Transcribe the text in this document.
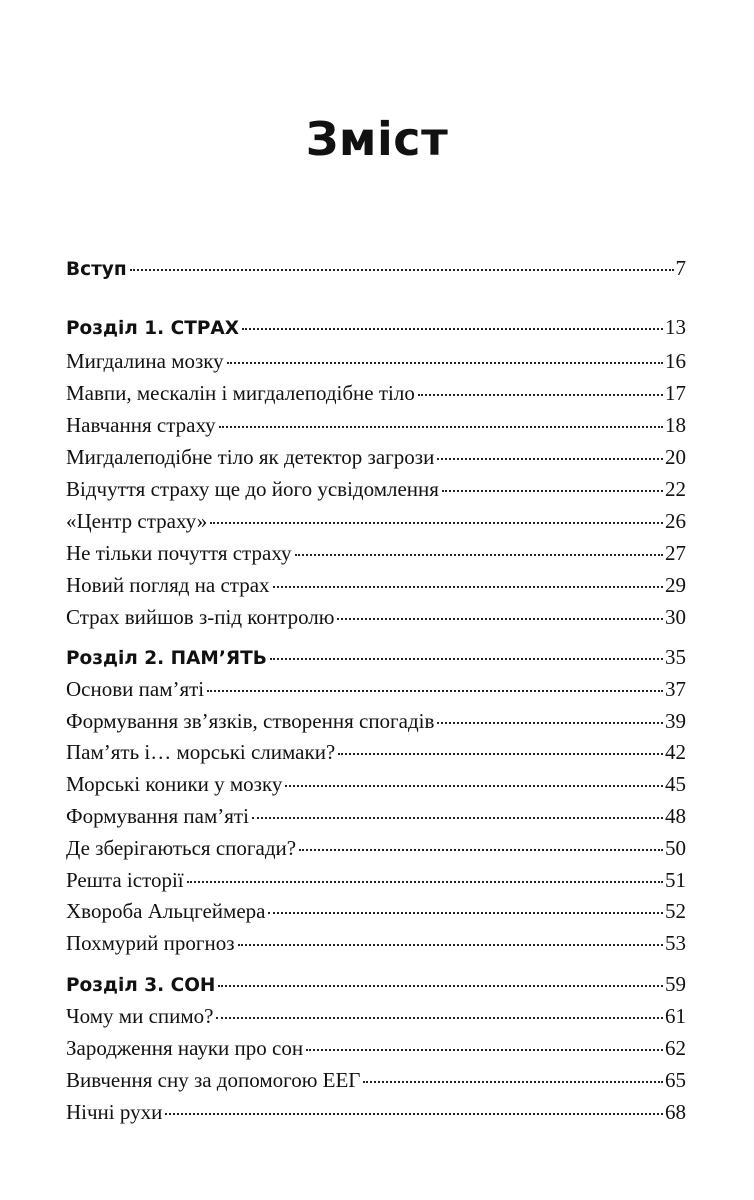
Зміст
Вступ	7
Розділ 1. СТРАХ	13
Мигдалина мозку	16
Мавпи, мескалін і мигдалеподібне тіло	17
Навчання страху	18
Мигдалеподібне тіло як детектор загрози	20
Відчуття страху ще до його усвідомлення	22
«Центр страху»	26
Не тільки почуття страху	27
Новий погляд на страх	29
Страх вийшов з-під контролю	30
Розділ 2. ПАМ’ЯТЬ	35
Основи пам’яті	37
Формування зв’язків, створення спогадів	39
Пам’ять і… морські слимаки?	42
Морські коники у мозку	45
Формування пам’яті	48
Де зберігаються спогади?	50
Решта історії	51
Хвороба Альцгеймера	52
Похмурий прогноз	53
Розділ 3. СОН	59
Чому ми спимо?	61
Зародження науки про сон	62
Вивчення сну за допомогою ЕЕГ	65
Нічні рухи	68
